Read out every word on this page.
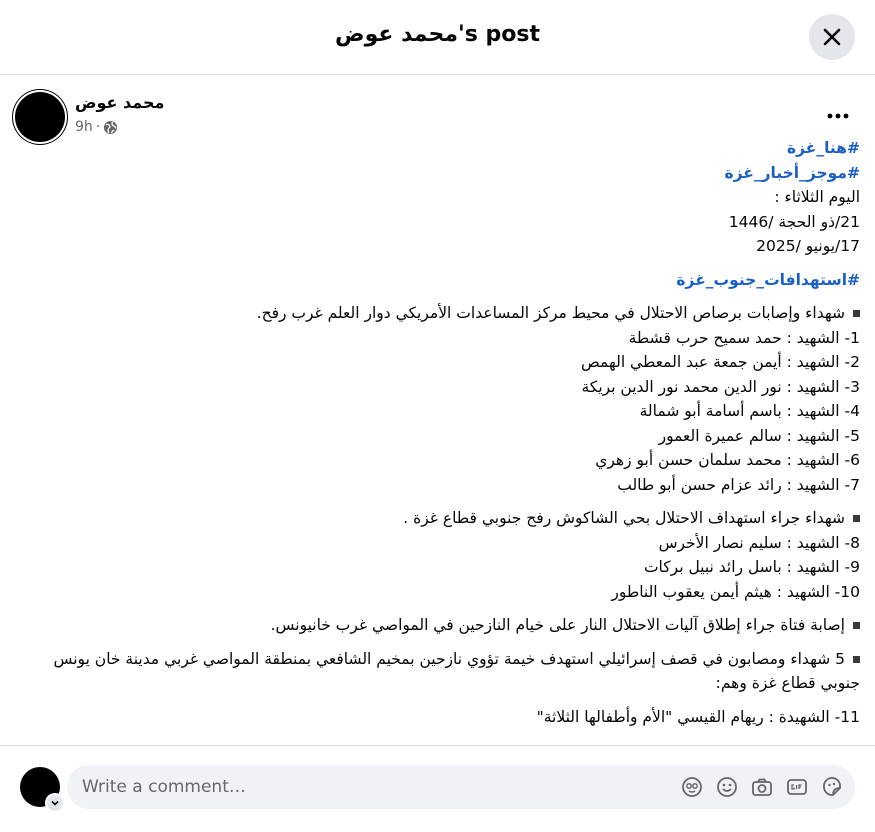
محمد عوض's post
محمد عوض
9h ·
#هنا_غزة
#موجز_أخبار_غزة
اليوم الثلاثاء :
21/ذو الحجة /1446
17/يونيو /2025
#استهدافات_جنوب_غزة
شهداء وإصابات برصاص الاحتلال في محيط مركز المساعدات الأمريكي دوار العلم غرب رفح.
1- الشهيد : حمد سميح حرب قشطة
2- الشهيد : أيمن جمعة عبد المعطي الهمص
3- الشهيد : نور الدين محمد نور الدين بريكة
4- الشهيد : باسم أسامة أبو شمالة
5- الشهيد : سالم عميرة العمور
6- الشهيد : محمد سلمان حسن أبو زهري
7- الشهيد : رائد عزام حسن أبو طالب
شهداء جراء استهداف الاحتلال بحي الشاكوش رفح جنوبي قطاع غزة .
8- الشهيد : سليم نصار الأخرس
9- الشهيد : باسل رائد نبيل بركات
10- الشهيد : هيثم أيمن يعقوب الناطور
إصابة فتاة جراء إطلاق آليات الاحتلال النار على خيام النازحين في المواصي غرب خانيونس.
5 شهداء ومصابون في قصف إسرائيلي استهدف خيمة تؤوي نازحين بمخيم الشافعي بمنطقة المواصي غربي مدينة خان يونس جنوبي قطاع غزة وهم:
11- الشهيدة : ريهام القيسي "الأم وأطفالها الثلاثة"
Write a comment…
